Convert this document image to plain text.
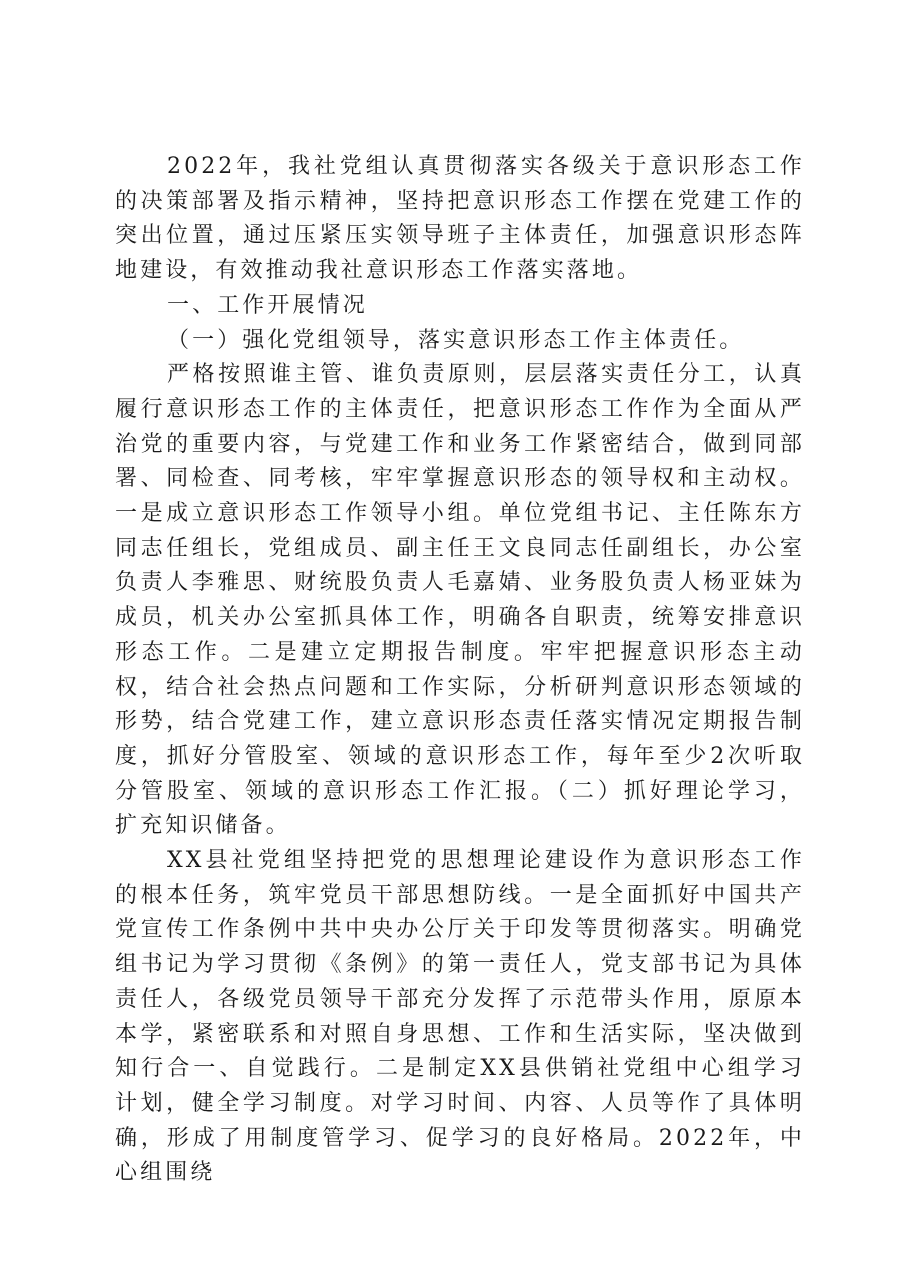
2022年，我社党组认真贯彻落实各级关于意识形态工作的决策部署及指示精神，坚持把意识形态工作摆在党建工作的突出位置，通过压紧压实领导班子主体责任，加强意识形态阵地建设，有效推动我社意识形态工作落实落地。

一、工作开展情况

（一）强化党组领导，落实意识形态工作主体责任。

严格按照谁主管、谁负责原则，层层落实责任分工，认真履行意识形态工作的主体责任，把意识形态工作作为全面从严治党的重要内容，与党建工作和业务工作紧密结合，做到同部署、同检查、同考核，牢牢掌握意识形态的领导权和主动权。一是成立意识形态工作领导小组。单位党组书记、主任陈东方同志任组长，党组成员、副主任王文良同志任副组长，办公室负责人李雅思、财统股负责人毛嘉婧、业务股负责人杨亚妹为成员，机关办公室抓具体工作，明确各自职责，统筹安排意识形态工作。二是建立定期报告制度。牢牢把握意识形态主动权，结合社会热点问题和工作实际，分析研判意识形态领域的形势，结合党建工作，建立意识形态责任落实情况定期报告制度，抓好分管股室、领域的意识形态工作，每年至少2次听取分管股室、领域的意识形态工作汇报。（二）抓好理论学习，扩充知识储备。

XX县社党组坚持把党的思想理论建设作为意识形态工作的根本任务，筑牢党员干部思想防线。一是全面抓好中国共产党宣传工作条例中共中央办公厅关于印发等贯彻落实。明确党组书记为学习贯彻《条例》的第一责任人，党支部书记为具体责任人，各级党员领导干部充分发挥了示范带头作用，原原本本学，紧密联系和对照自身思想、工作和生活实际，坚决做到知行合一、自觉践行。二是制定XX县供销社党组中心组学习计划，健全学习制度。对学习时间、内容、人员等作了具体明确，形成了用制度管学习、促学习的良好格局。2022年，中心组围绕
